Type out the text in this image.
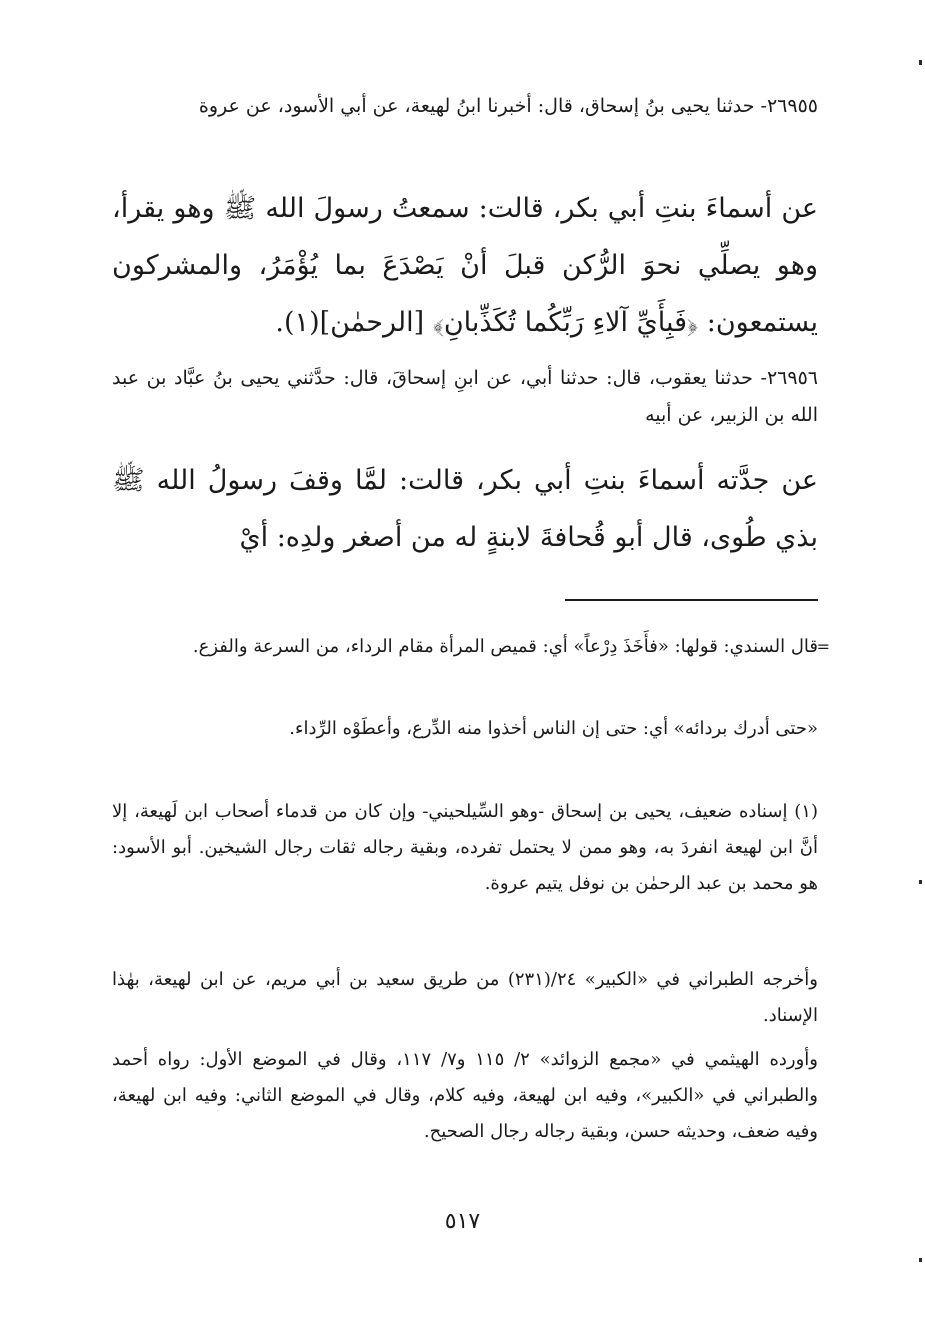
٢٦٩٥٥- حدثنا يحيى بنُ إسحاق، قال: أخبرنا ابنُ لهيعة، عن أبي الأسود، عن عروة

عن أسماءَ بنتِ أبي بكر، قالت: سمعتُ رسولَ الله ﷺ وهو يقرأ، وهو يصلِّي نحوَ الرُّكن قبلَ أنْ يَصْدَعَ بما يُؤْمَرُ، والمشركون يستمعون: ﴿فَبِأَيِّ آلاءِ رَبِّكُما تُكَذِّبانِ﴾ [الرحمٰن](١).

٢٦٩٥٦- حدثنا يعقوب، قال: حدثنا أبي، عن ابنِ إسحاقَ، قال: حدَّثني يحيى بنُ عبَّاد بن عبد الله بن الزبير، عن أبيه

عن جدَّته أسماءَ بنتِ أبي بكر، قالت: لمَّا وقفَ رسولُ الله ﷺ بذي طُوى، قال أبو قُحافةَ لابنةٍ له من أصغر ولدِه: أيْ

= قال السندي: قولها: «فأَخَذَ دِرْعاً» أي: قميص المرأة مقام الرداء، من السرعة والفزع.

«حتى أدرك بردائه» أي: حتى إن الناس أخذوا منه الدِّرع، وأعطَوْه الرِّداء.

(١) إسناده ضعيف، يحيى بن إسحاق -وهو السِّيلحيني- وإن كان من قدماء أصحاب ابن لَهيعة، إلا أنَّ ابن لهيعة انفردَ به، وهو ممن لا يحتمل تفرده، وبقية رجاله ثقات رجال الشيخين. أبو الأسود: هو محمد بن عبد الرحمٰن بن نوفل يتيم عروة.

وأخرجه الطبراني في «الكبير» ٢٤/(٢٣١) من طريق سعيد بن أبي مريم، عن ابن لهيعة، بهٰذا الإسناد.

وأورده الهيثمي في «مجمع الزوائد» ٢/ ١١٥ و٧/ ١١٧، وقال في الموضع الأول: رواه أحمد والطبراني في «الكبير»، وفيه ابن لهيعة، وفيه كلام، وقال في الموضع الثاني: وفيه ابن لهيعة، وفيه ضعف، وحديثه حسن، وبقية رجاله رجال الصحيح.

٥١٧
